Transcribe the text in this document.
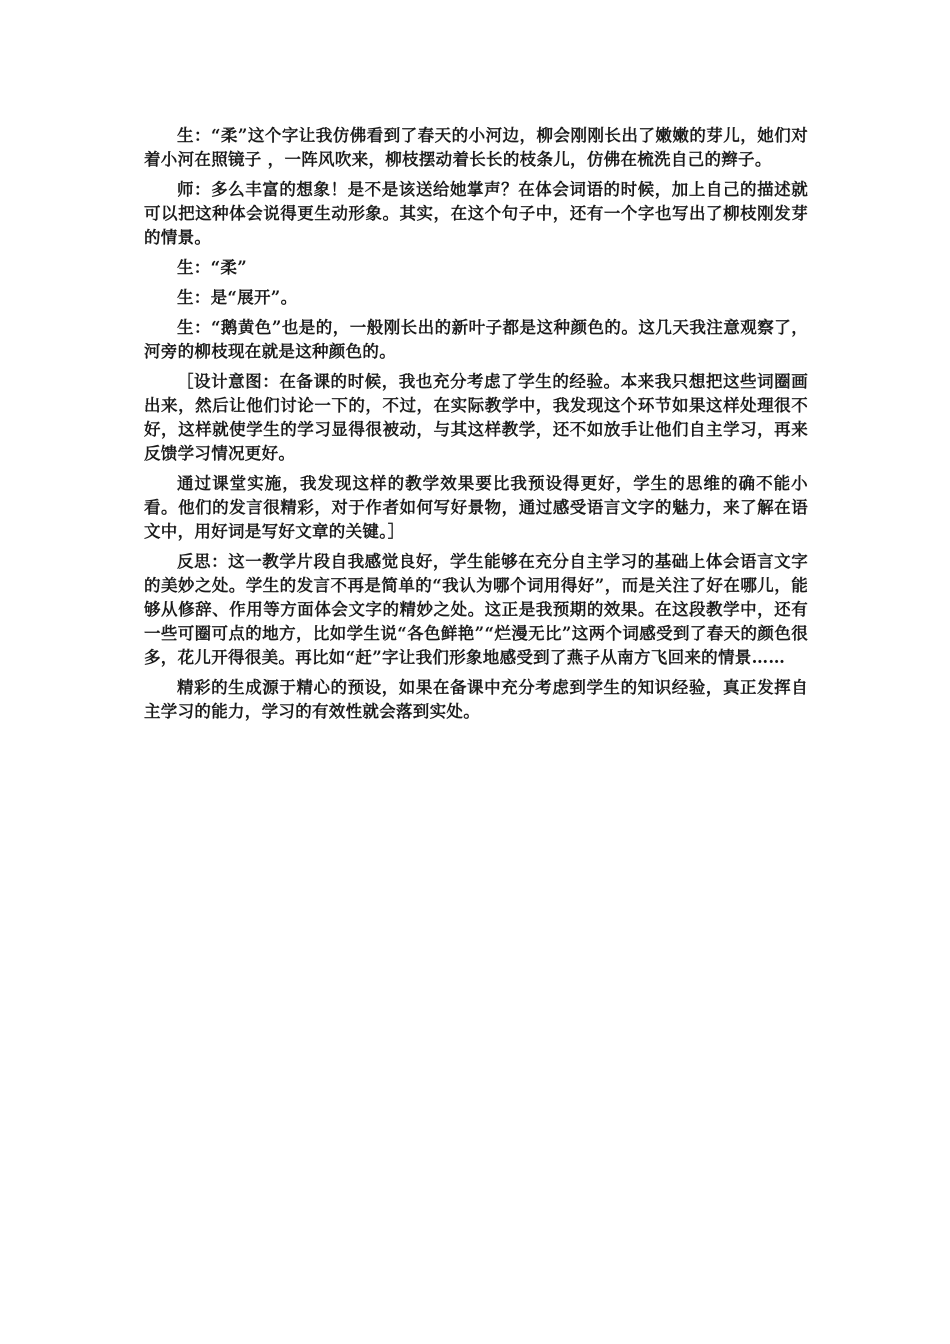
生：“柔”这个字让我仿佛看到了春天的小河边，柳会刚刚长出了嫩嫩的芽儿，她们对着小河在照镜子 ，一阵风吹来，柳枝摆动着长长的枝条儿，仿佛在梳洗自己的辫子。

师：多么丰富的想象！是不是该送给她掌声？在体会词语的时候，加上自己的描述就可以把这种体会说得更生动形象。其实，在这个句子中，还有一个字也写出了柳枝刚发芽的情景。

生：“柔”

生：是“展开”。

生：“鹅黄色”也是的，一般刚长出的新叶子都是这种颜色的。这几天我注意观察了，河旁的柳枝现在就是这种颜色的。

［设计意图：在备课的时候，我也充分考虑了学生的经验。本来我只想把这些词圈画出来，然后让他们讨论一下的，不过，在实际教学中，我发现这个环节如果这样处理很不好，这样就使学生的学习显得很被动，与其这样教学，还不如放手让他们自主学习，再来反馈学习情况更好。

通过课堂实施，我发现这样的教学效果要比我预设得更好，学生的思维的确不能小看。他们的发言很精彩，对于作者如何写好景物，通过感受语言文字的魅力，来了解在语文中，用好词是写好文章的关键。］

反思：这一教学片段自我感觉良好，学生能够在充分自主学习的基础上体会语言文字的美妙之处。学生的发言不再是简单的“我认为哪个词用得好”，而是关注了好在哪儿，能够从修辞、作用等方面体会文字的精妙之处。这正是我预期的效果。在这段教学中，还有一些可圈可点的地方，比如学生说“各色鲜艳”“烂漫无比”这两个词感受到了春天的颜色很多，花儿开得很美。再比如“赶”字让我们形象地感受到了燕子从南方飞回来的情景……

精彩的生成源于精心的预设，如果在备课中充分考虑到学生的知识经验，真正发挥自主学习的能力，学习的有效性就会落到实处。
